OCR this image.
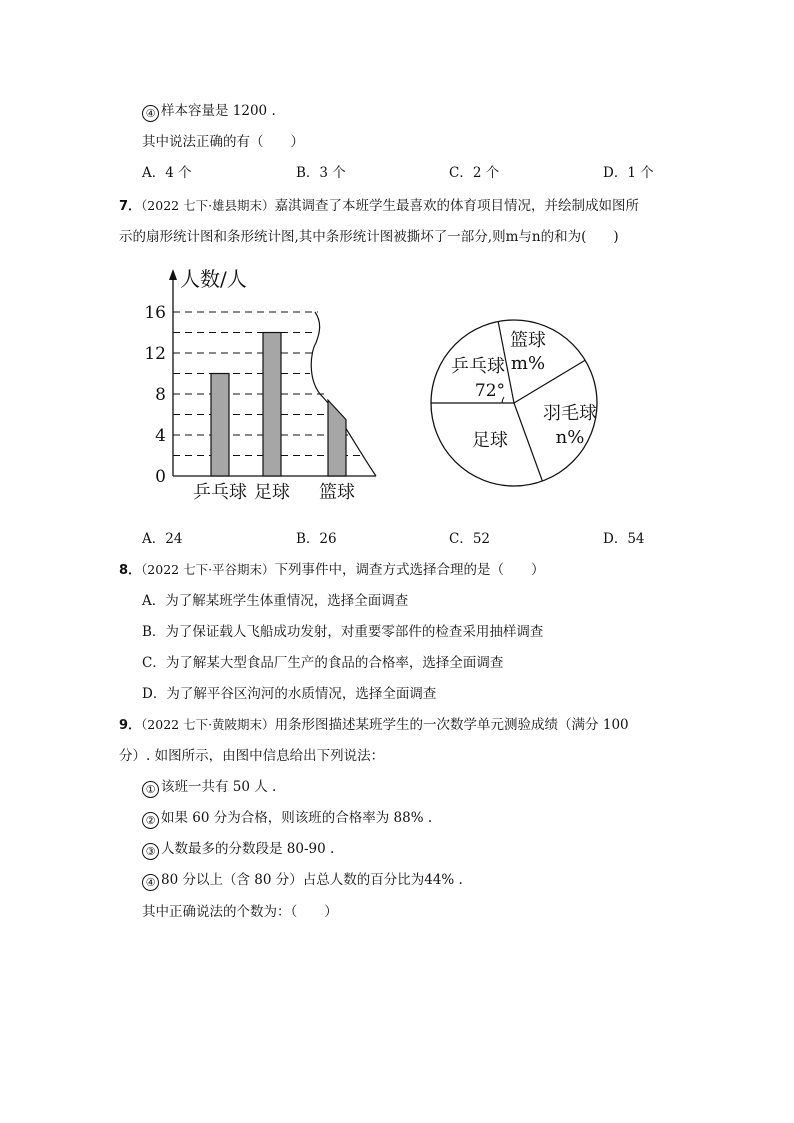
④ 样本容量是 1200 .
其中说法正确的有（　　）
A．4 个	B．3 个	C．2 个	D．1 个
7．（2022 七下·雄县期末）嘉淇调查了本班学生最喜欢的体育项目情况，并绘制成如图所
示的扇形统计图和条形统计图,其中条形统计图被撕坏了一部分,则m与n的和为(　　)
人数/人
0
4
8
12
16
乒乓球 足球 篮球
篮球
m%
羽毛球
n%
足球
乒乓球
72°
A．24	B．26	C．52	D．54
8．（2022 七下·平谷期末）下列事件中，调查方式选择合理的是（　　）
A．为了解某班学生体重情况，选择全面调查
B．为了保证载人飞船成功发射，对重要零部件的检查采用抽样调查
C．为了解某大型食品厂生产的食品的合格率，选择全面调查
D．为了解平谷区泃河的水质情况，选择全面调查
9．（2022 七下·黄陂期末）用条形图描述某班学生的一次数学单元测验成绩（满分 100
分）. 如图所示，由图中信息给出下列说法：
① 该班一共有 50 人 .
② 如果 60 分为合格，则该班的合格率为 88% .
③ 人数最多的分数段是 80-90 .
④ 80 分以上（含 80 分）占总人数的百分比为44% .
其中正确说法的个数为：（　　）
